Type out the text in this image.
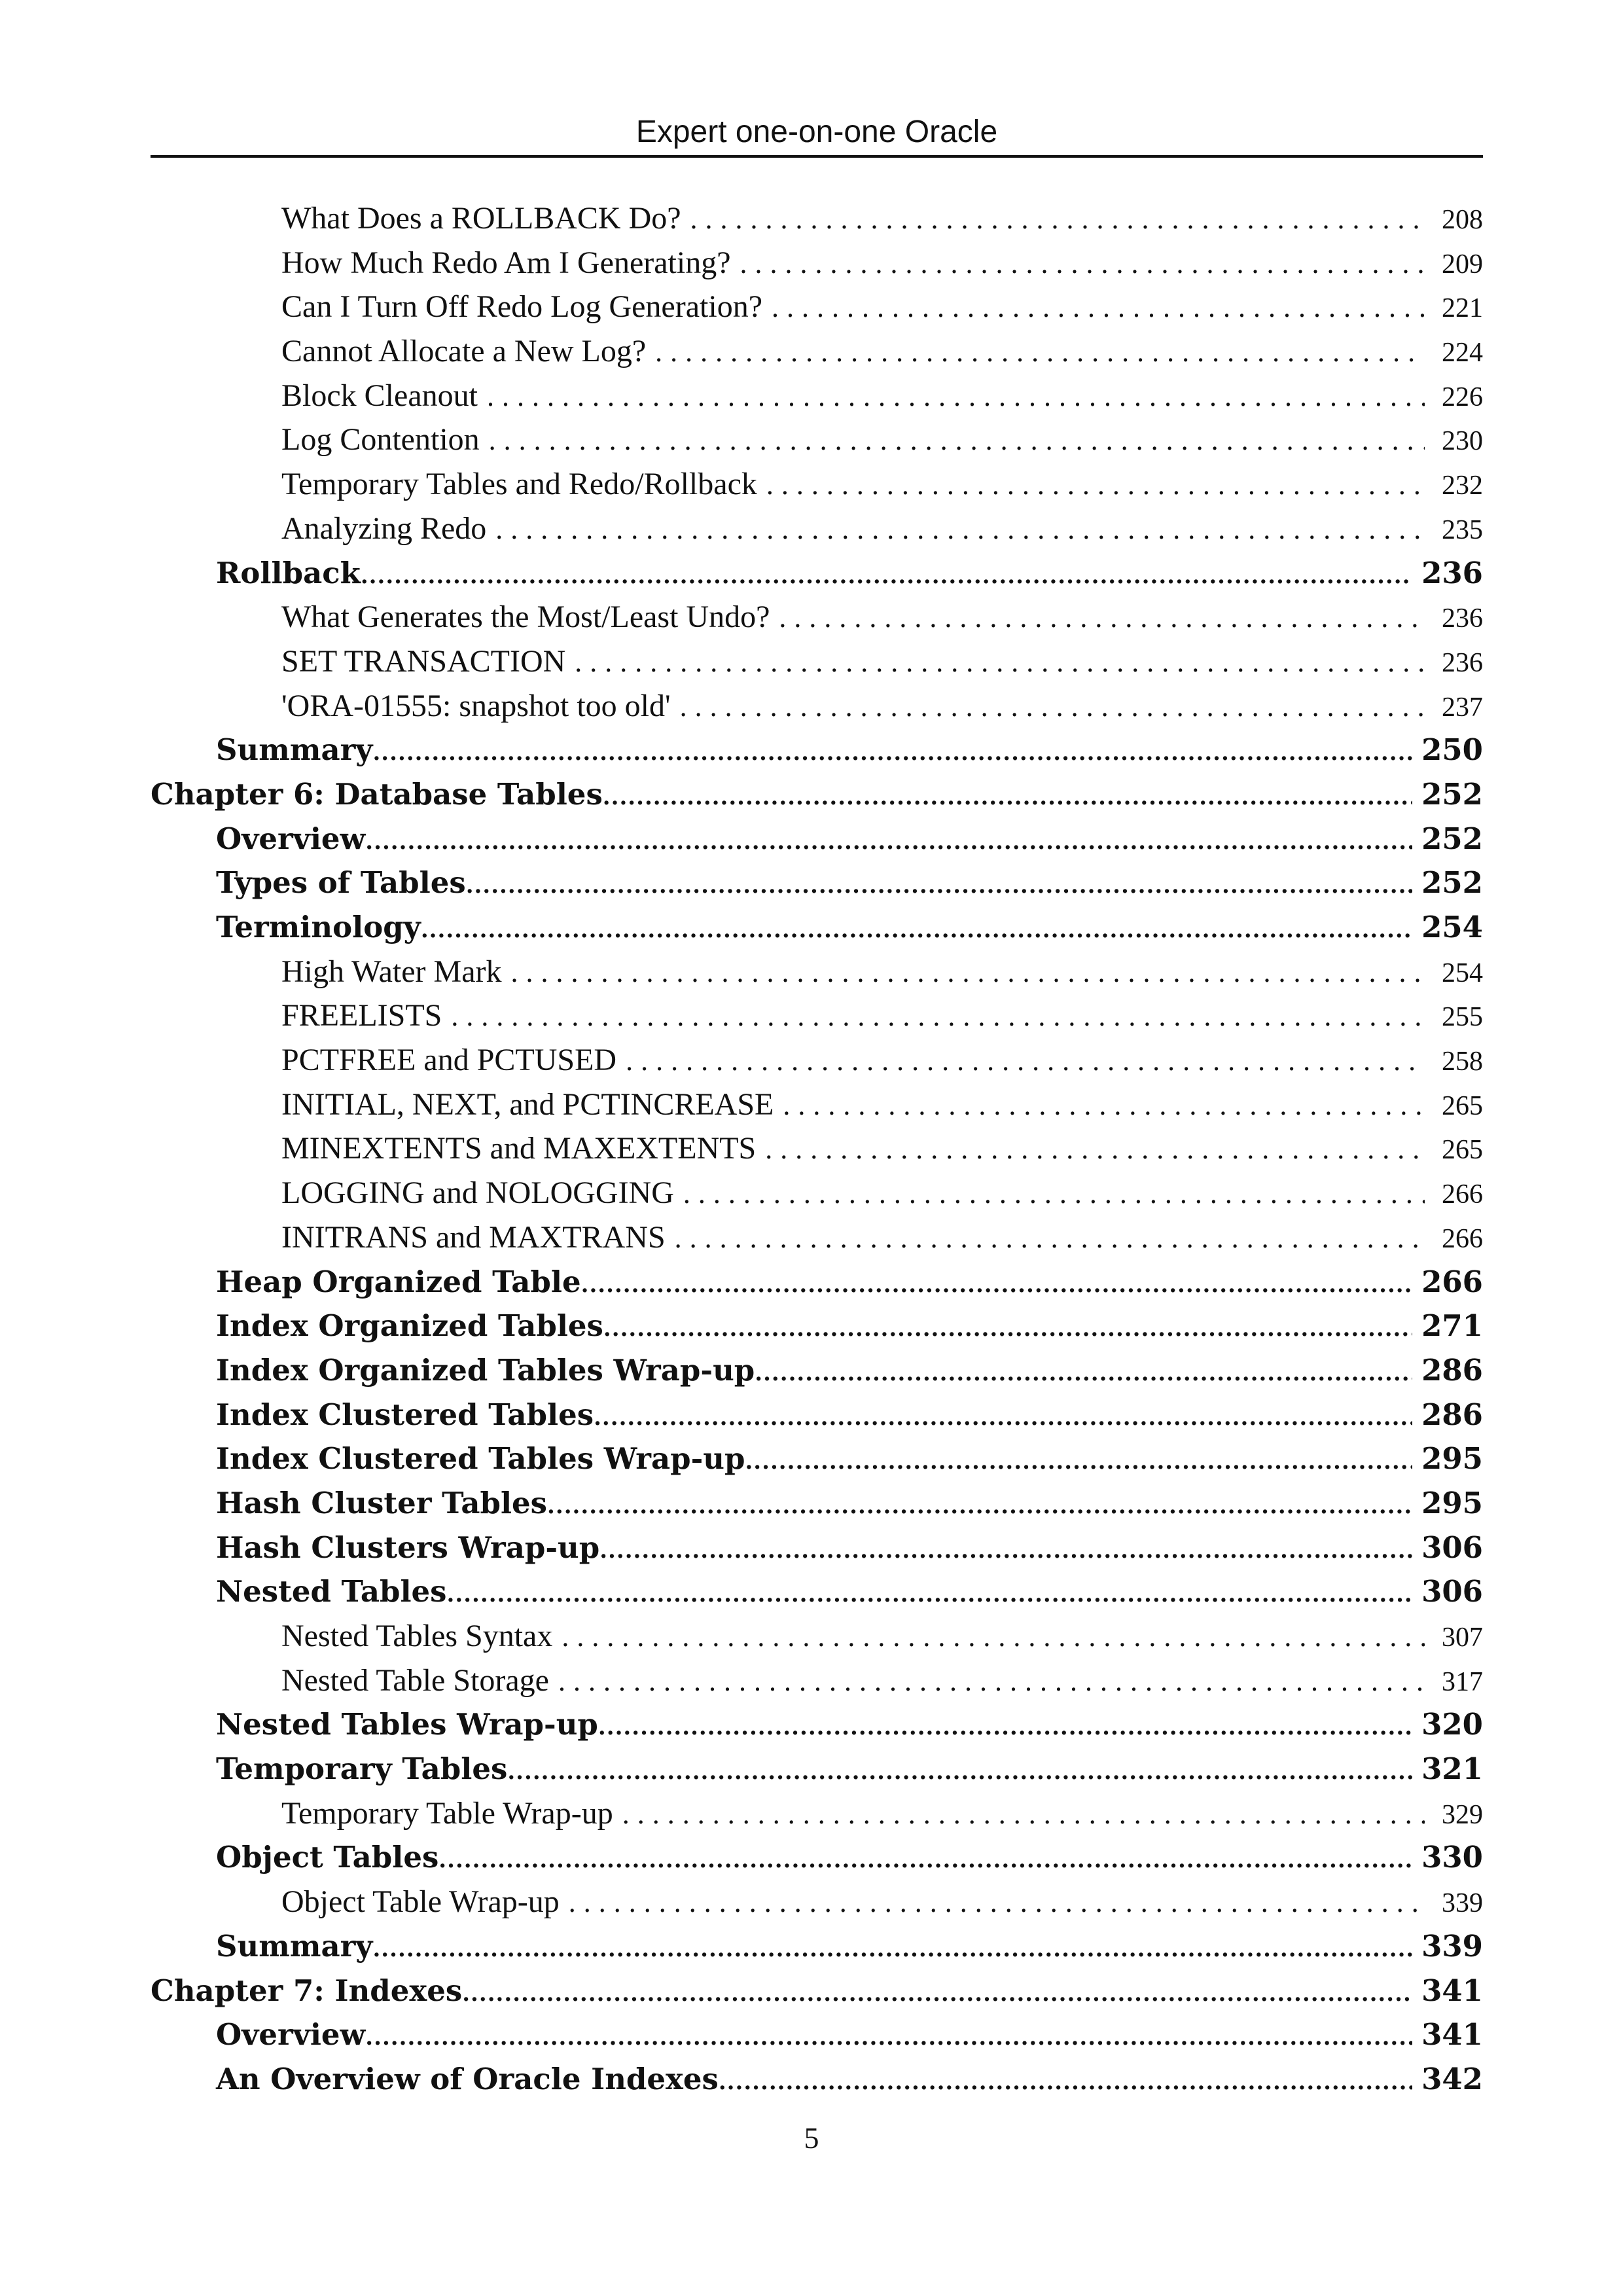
Expert one-on-one Oracle
What Does a ROLLBACK Do? . . .	208
How Much Redo Am I Generating? . . .	209
Can I Turn Off Redo Log Generation? . . .	221
Cannot Allocate a New Log? . . .	224
Block Cleanout . . .	226
Log Contention . . .	230
Temporary Tables and Redo/Rollback . . .	232
Analyzing Redo . . .	235
Rollback .....	236
What Generates the Most/Least Undo? . . .	236
SET TRANSACTION . . .	236
'ORA-01555: snapshot too old' . . .	237
Summary .....	250
Chapter 6: Database Tables .....	252
Overview .....	252
Types of Tables .....	252
Terminology .....	254
High Water Mark . . .	254
FREELISTS . . .	255
PCTFREE and PCTUSED . . .	258
INITIAL, NEXT, and PCTINCREASE . . .	265
MINEXTENTS and MAXEXTENTS . . .	265
LOGGING and NOLOGGING . . .	266
INITRANS and MAXTRANS . . .	266
Heap Organized Table .....	266
Index Organized Tables .....	271
Index Organized Tables Wrap-up .....	286
Index Clustered Tables .....	286
Index Clustered Tables Wrap-up .....	295
Hash Cluster Tables .....	295
Hash Clusters Wrap-up .....	306
Nested Tables .....	306
Nested Tables Syntax . . .	307
Nested Table Storage . . .	317
Nested Tables Wrap-up .....	320
Temporary Tables .....	321
Temporary Table Wrap-up . . .	329
Object Tables .....	330
Object Table Wrap-up . . .	339
Summary .....	339
Chapter 7: Indexes .....	341
Overview .....	341
An Overview of Oracle Indexes .....	342
5
